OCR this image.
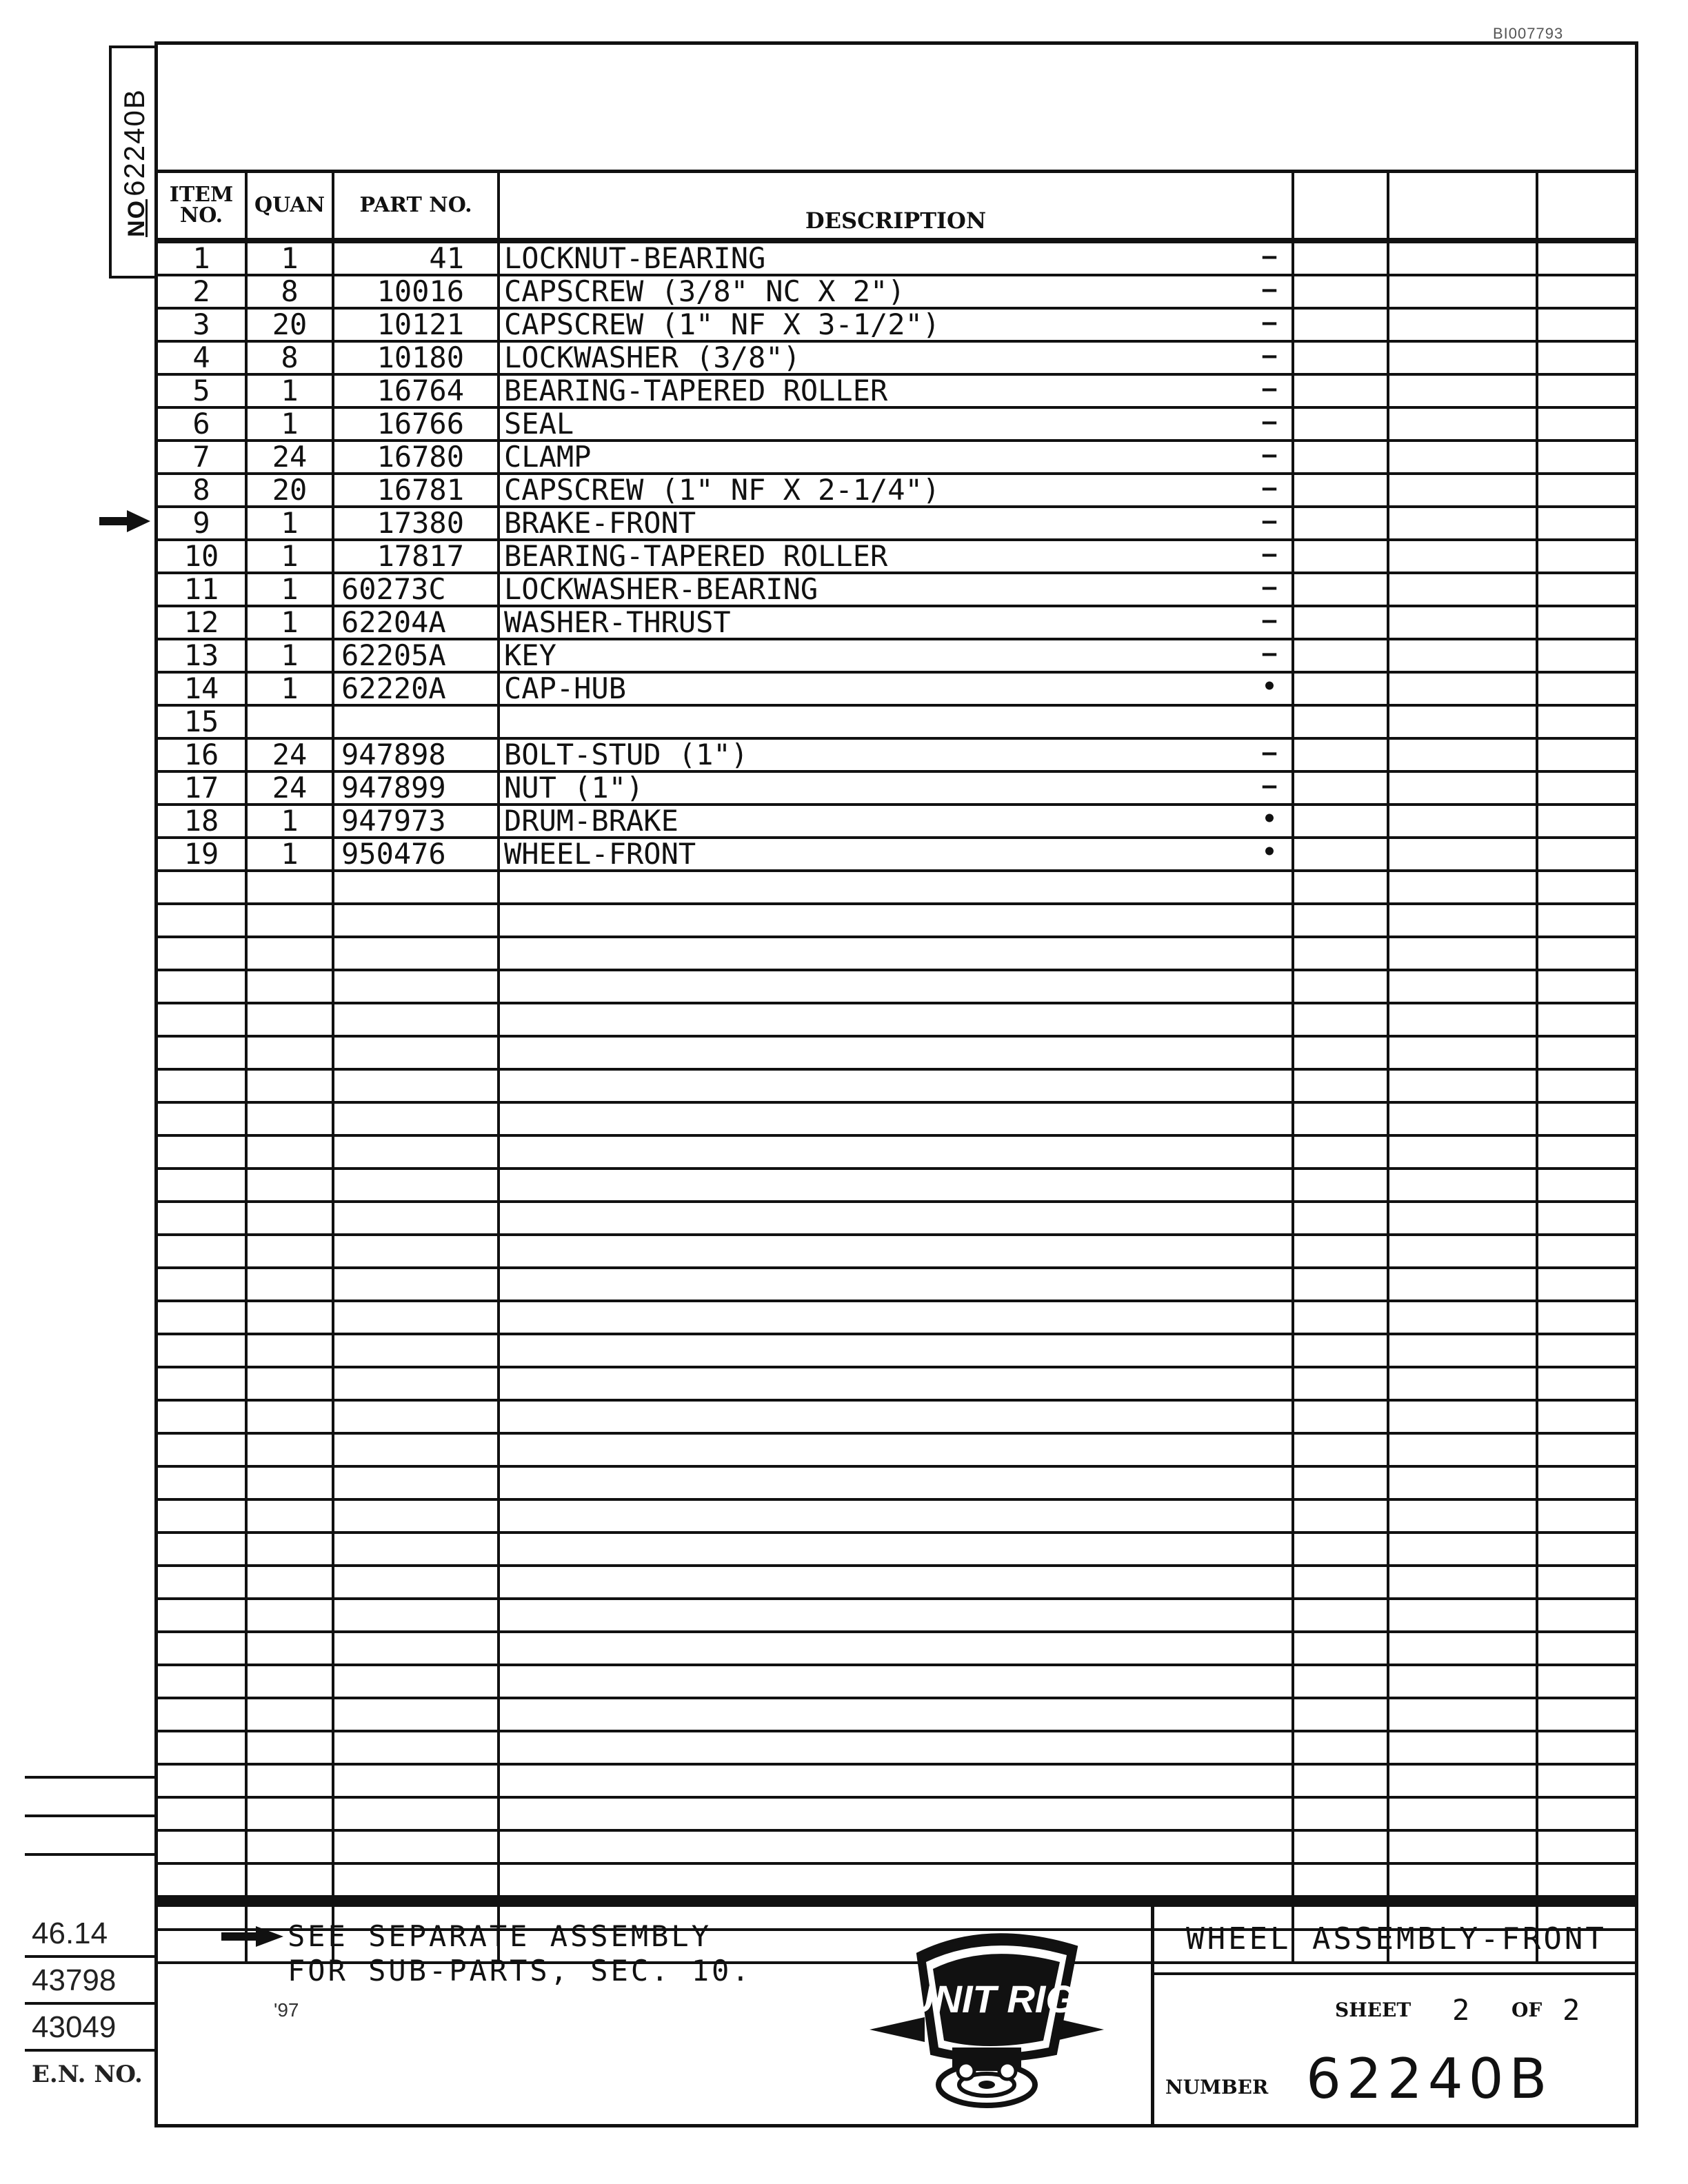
BI007793
NO62240B ITEM NO.	QUAN	PART NO.	DESCRIPTION			
1	1	41	LOCKNUT-BEARING —			

2	8	10016	CAPSCREW (3/8" NC X 2") —			

3	20	10121	CAPSCREW (1" NF X 3-1/2") —			

4	8	10180	LOCKWASHER (3/8") —			

5	1	16764	BEARING-TAPERED ROLLER —			

6	1	16766	SEAL —			

7	24	16780	CLAMP —			

8	20	16781	CAPSCREW (1" NF X 2-1/4") —			

9	1	17380	BRAKE-FRONT —			

10	1	17817	BEARING-TAPERED ROLLER —			

11	1	60273C	LOCKWASHER-BEARING —			

12	1	62204A	WASHER-THRUST —			

13	1	62205A	KEY —			

14	1	62220A	CAP-HUB •			

15			

16	24	947898	BOLT-STUD (1") —			

17	24	947899	NUT (1") —			

18	1	947973	DRUM-BRAKE •			

19	1	950476	WHEEL-FRONT •			

46.14
43798
43049
E.N. NO.
SEE SEPARATE ASSEMBLY
FOR SUB-PARTS, SEC. 10.
'97	UNIT RIG
WHEEL ASSEMBLY-FRONT
SHEET 2 OF 2
NUMBER 62240B
